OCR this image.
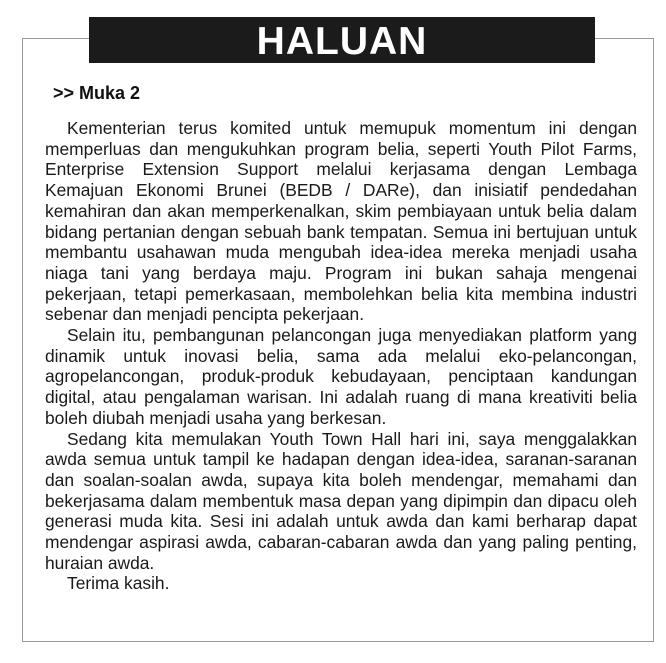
HALUAN
>> Muka 2

Kementerian terus komited untuk memupuk momentum ini dengan memperluas dan mengukuhkan program belia, seperti Youth Pilot Farms, Enterprise Extension Support melalui kerjasama dengan Lembaga Kemajuan Ekonomi Brunei (BEDB / DARe), dan inisiatif pendedahan kemahiran dan akan memperkenalkan, skim pembiayaan untuk belia dalam bidang pertanian dengan sebuah bank tempatan. Semua ini bertujuan untuk membantu usahawan muda mengubah idea-idea mereka menjadi usaha niaga tani yang berdaya maju. Program ini bukan sahaja mengenai pekerjaan, tetapi pemerkasaan, membolehkan belia kita membina industri sebenar dan menjadi pencipta pekerjaan.

Selain itu, pembangunan pelancongan juga menyediakan platform yang dinamik untuk inovasi belia, sama ada melalui eko-pelancongan, agropelancongan, produk-produk kebudayaan, penciptaan kandungan digital, atau pengalaman warisan. Ini adalah ruang di mana kreativiti belia boleh diubah menjadi usaha yang berkesan.

Sedang kita memulakan Youth Town Hall hari ini, saya menggalakkan awda semua untuk tampil ke hadapan dengan idea-idea, saranan-saranan dan soalan-soalan awda, supaya kita boleh mendengar, memahami dan bekerjasama dalam membentuk masa depan yang dipimpin dan dipacu oleh generasi muda kita. Sesi ini adalah untuk awda dan kami berharap dapat mendengar aspirasi awda, cabaran-cabaran awda dan yang paling penting, huraian awda.

Terima kasih.
